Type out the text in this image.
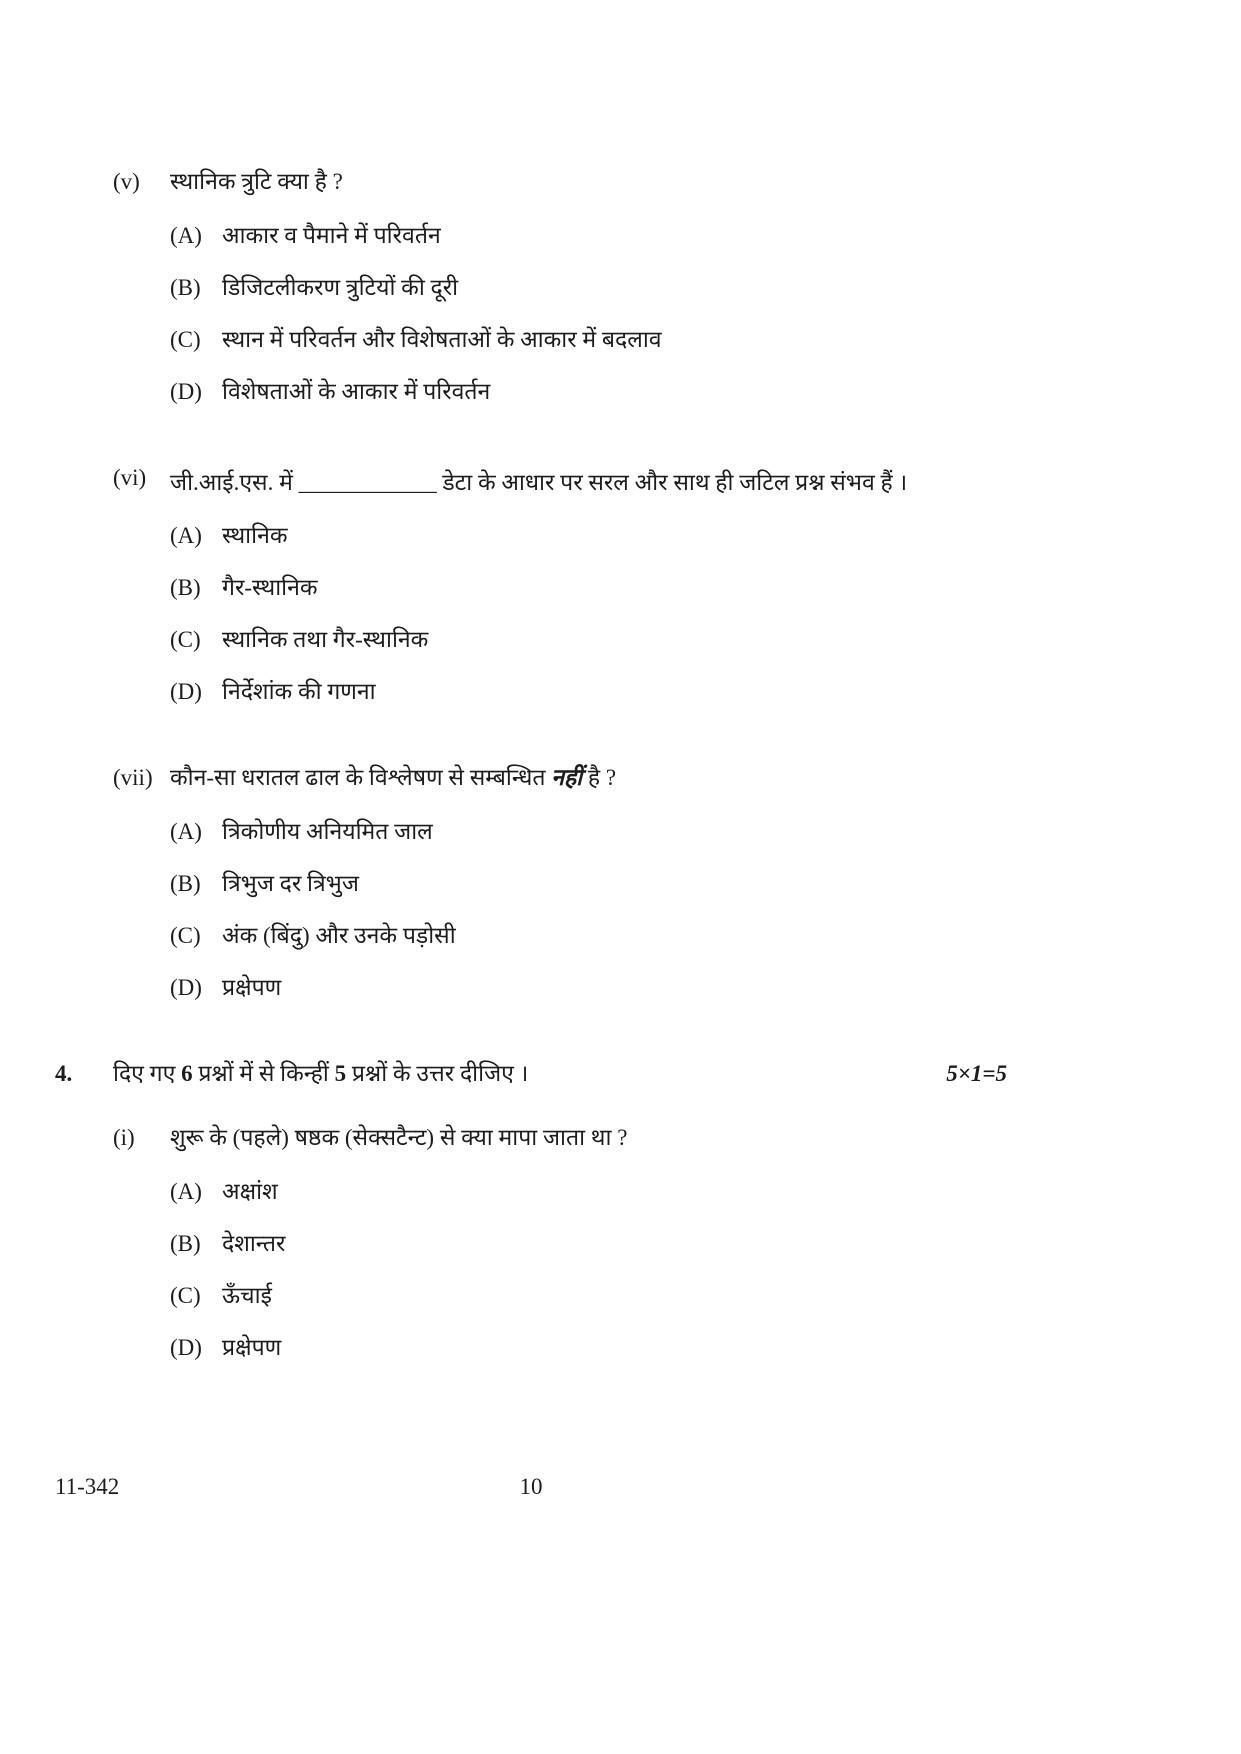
(v)	स्थानिक त्रुटि क्या है ?
(A) आकार व पैमाने में परिवर्तन
(B) डिजिटलीकरण त्रुटियों की दूरी
(C) स्थान में परिवर्तन और विशेषताओं के आकार में बदलाव
(D) विशेषताओं के आकार में परिवर्तन
(vi)	जी.आई.एस. में ____________ डेटा के आधार पर सरल और साथ ही जटिल प्रश्न संभव हैं ।
(A) स्थानिक
(B) गैर-स्थानिक
(C) स्थानिक तथा गैर-स्थानिक
(D) निर्देशांक की गणना
(vii) कौन-सा धरातल ढाल के विश्लेषण से सम्बन्धित नहीं है ?
(A) त्रिकोणीय अनियमित जाल
(B) त्रिभुज दर त्रिभुज
(C) अंक (बिंदु) और उनके पड़ोसी
(D) प्रक्षेपण
4.	दिए गए 6 प्रश्नों में से किन्हीं 5 प्रश्नों के उत्तर दीजिए ।	5×1=5
(i)	शुरू के (पहले) षष्ठक (सेक्सटैन्ट) से क्या मापा जाता था ?
(A) अक्षांश
(B) देशान्तर
(C) ऊँचाई
(D) प्रक्षेपण
11-342	10
